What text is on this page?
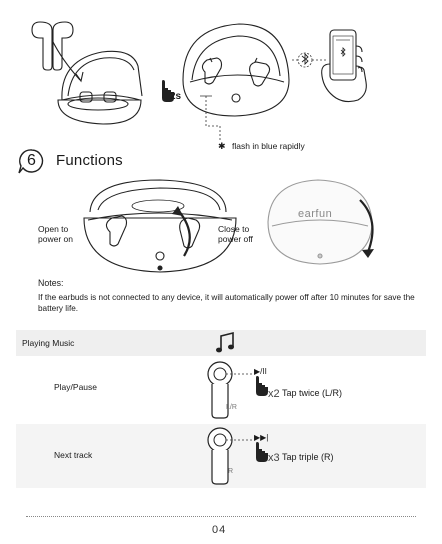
2s
✱ flash in blue rapidly
6 Functions
earfun
Open to
power on
Close to
power off
Notes:
If the earbuds is not connected to any device, it will automatically power off after 10 minutes for save the battery life.
Playing Music
Play/Pause
▶/II
x2 Tap twice (L/R)
L/R
Next track
▶▶|
x3 Tap triple (R)
R
04
